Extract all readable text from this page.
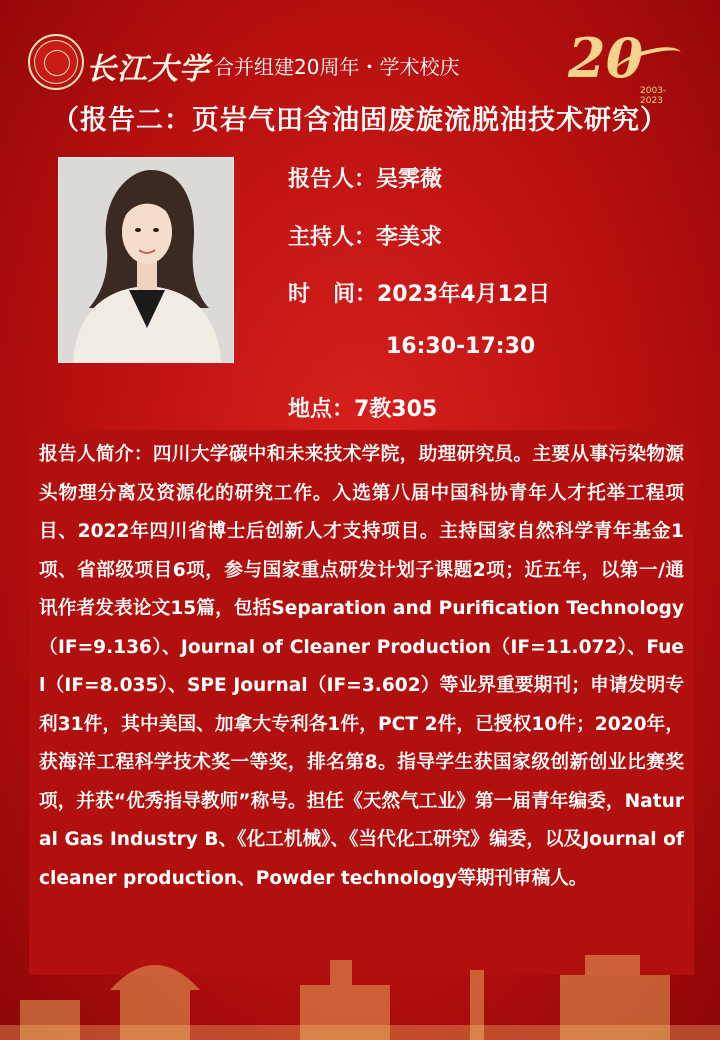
长江大学 合并组建20周年・学术校庆 20
2003-2023
（报告二：页岩气田含油固废旋流脱油技术研究）
报告人：吴霁薇
主持人：李美求
时   间：2023年4月12日
16:30-17:30
地点：7教305
报告人简介：四川大学碳中和未来技术学院，助理研究员。主要从事污染物源头物理分离及资源化的研究工作。入选第八届中国科协青年人才托举工程项目、2022年四川省博士后创新人才支持项目。主持国家自然科学青年基金1项、省部级项目6项，参与国家重点研发计划子课题2项；近五年，以第一/通讯作者发表论文15篇，包括Separation and Purification Technology（IF=9.136）、Journal of Cleaner Production（IF=11.072）、Fuel（IF=8.035）、SPE Journal（IF=3.602）等业界重要期刊；申请发明专利31件，其中美国、加拿大专利各1件，PCT 2件，已授权10件；2020年，获海洋工程科学技术奖一等奖，排名第8。指导学生获国家级创新创业比赛奖项，并获“优秀指导教师”称号。担任《天然气工业》第一届青年编委，Natural Gas Industry B、《化工机械》、《当代化工研究》编委，以及Journal of cleaner production、Powder technology等期刊审稿人。
